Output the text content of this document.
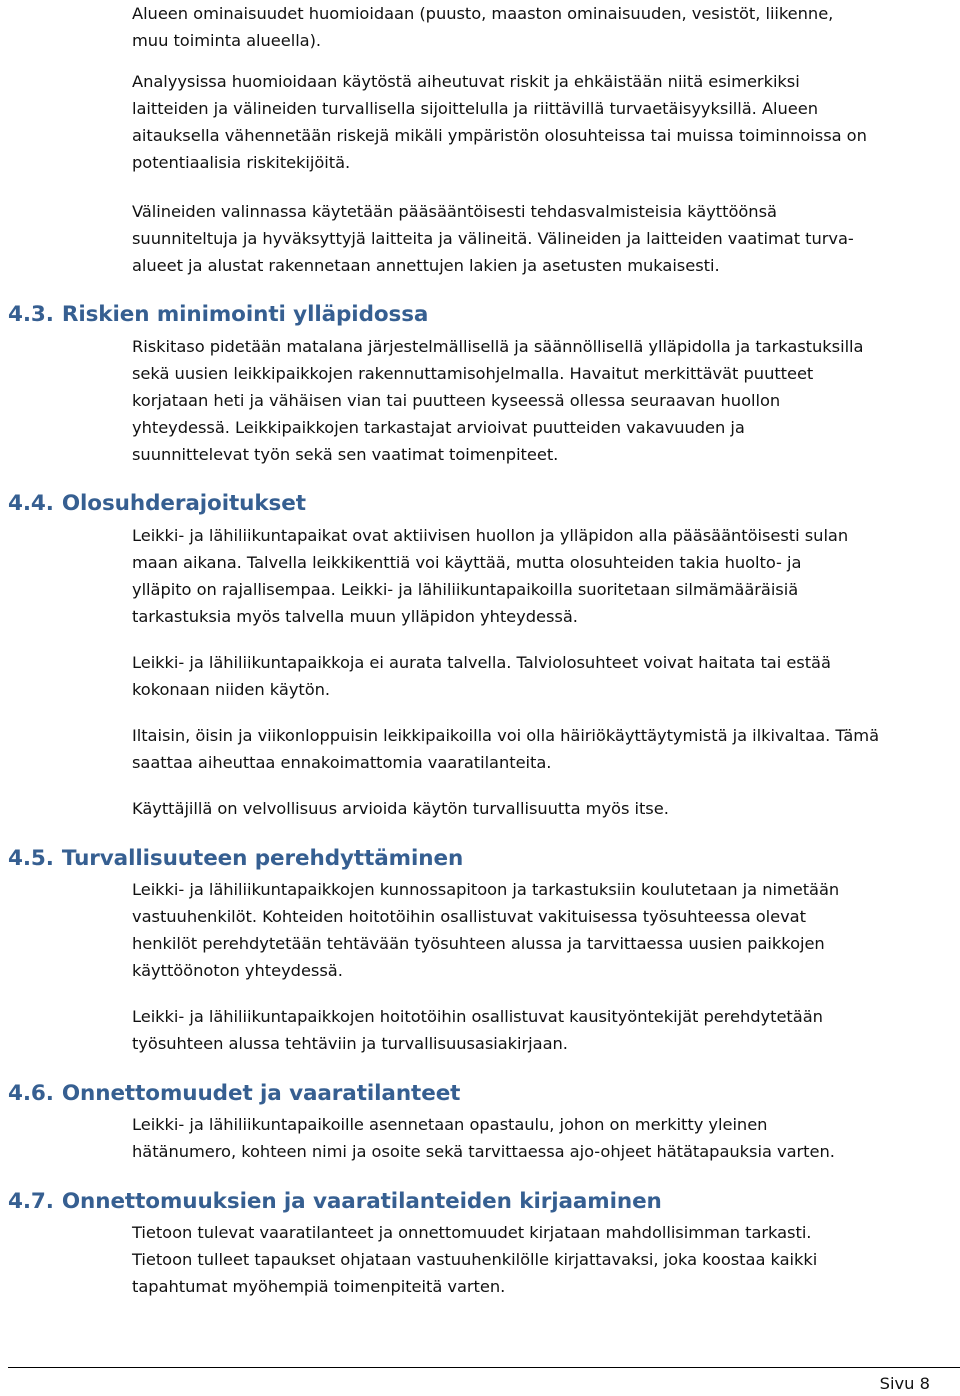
Alueen ominaisuudet huomioidaan (puusto, maaston ominaisuuden, vesistöt, liikenne,
muu toiminta alueella).

Analyysissa huomioidaan käytöstä aiheutuvat riskit ja ehkäistään niitä esimerkiksi
laitteiden ja välineiden turvallisella sijoittelulla ja riittävillä turvaetäisyyksillä. Alueen
aitauksella vähennetään riskejä mikäli ympäristön olosuhteissa tai muissa toiminnoissa on
potentiaalisia riskitekijöitä.

Välineiden valinnassa käytetään pääsääntöisesti tehdasvalmisteisia käyttöönsä
suunniteltuja ja hyväksyttyjä laitteita ja välineitä. Välineiden ja laitteiden vaatimat turva-
alueet ja alustat rakennetaan annettujen lakien ja asetusten mukaisesti.

4.3. Riskien minimointi ylläpidossa

Riskitaso pidetään matalana järjestelmällisellä ja säännöllisellä ylläpidolla ja tarkastuksilla
sekä uusien leikkipaikkojen rakennuttamisohjelmalla. Havaitut merkittävät puutteet
korjataan heti ja vähäisen vian tai puutteen kyseessä ollessa seuraavan huollon
yhteydessä. Leikkipaikkojen tarkastajat arvioivat puutteiden vakavuuden ja
suunnittelevat työn sekä sen vaatimat toimenpiteet.

4.4. Olosuhderajoitukset

Leikki- ja lähiliikuntapaikat ovat aktiivisen huollon ja ylläpidon alla pääsääntöisesti sulan
maan aikana. Talvella leikkikenttiä voi käyttää, mutta olosuhteiden takia huolto- ja
ylläpito on rajallisempaa. Leikki- ja lähiliikuntapaikoilla suoritetaan silmämääräisiä
tarkastuksia myös talvella muun ylläpidon yhteydessä.

Leikki- ja lähiliikuntapaikkoja ei aurata talvella. Talviolosuhteet voivat haitata tai estää
kokonaan niiden käytön.

Iltaisin, öisin ja viikonloppuisin leikkipaikoilla voi olla häiriökäyttäytymistä ja ilkivaltaa. Tämä
saattaa aiheuttaa ennakoimattomia vaaratilanteita.

Käyttäjillä on velvollisuus arvioida käytön turvallisuutta myös itse.

4.5. Turvallisuuteen perehdyttäminen

Leikki- ja lähiliikuntapaikkojen kunnossapitoon ja tarkastuksiin koulutetaan ja nimetään
vastuuhenkilöt. Kohteiden hoitotöihin osallistuvat vakituisessa työsuhteessa olevat
henkilöt perehdytetään tehtävään työsuhteen alussa ja tarvittaessa uusien paikkojen
käyttöönoton yhteydessä.

Leikki- ja lähiliikuntapaikkojen hoitotöihin osallistuvat kausityöntekijät perehdytetään
työsuhteen alussa tehtäviin ja turvallisuusasiakirjaan.

4.6. Onnettomuudet ja vaaratilanteet

Leikki- ja lähiliikuntapaikoille asennetaan opastaulu, johon on merkitty yleinen
hätänumero, kohteen nimi ja osoite sekä tarvittaessa ajo-ohjeet hätätapauksia varten.

4.7. Onnettomuuksien ja vaaratilanteiden kirjaaminen

Tietoon tulevat vaaratilanteet ja onnettomuudet kirjataan mahdollisimman tarkasti.
Tietoon tulleet tapaukset ohjataan vastuuhenkilölle kirjattavaksi, joka koostaa kaikki
tapahtumat myöhempiä toimenpiteitä varten.

Sivu 8
